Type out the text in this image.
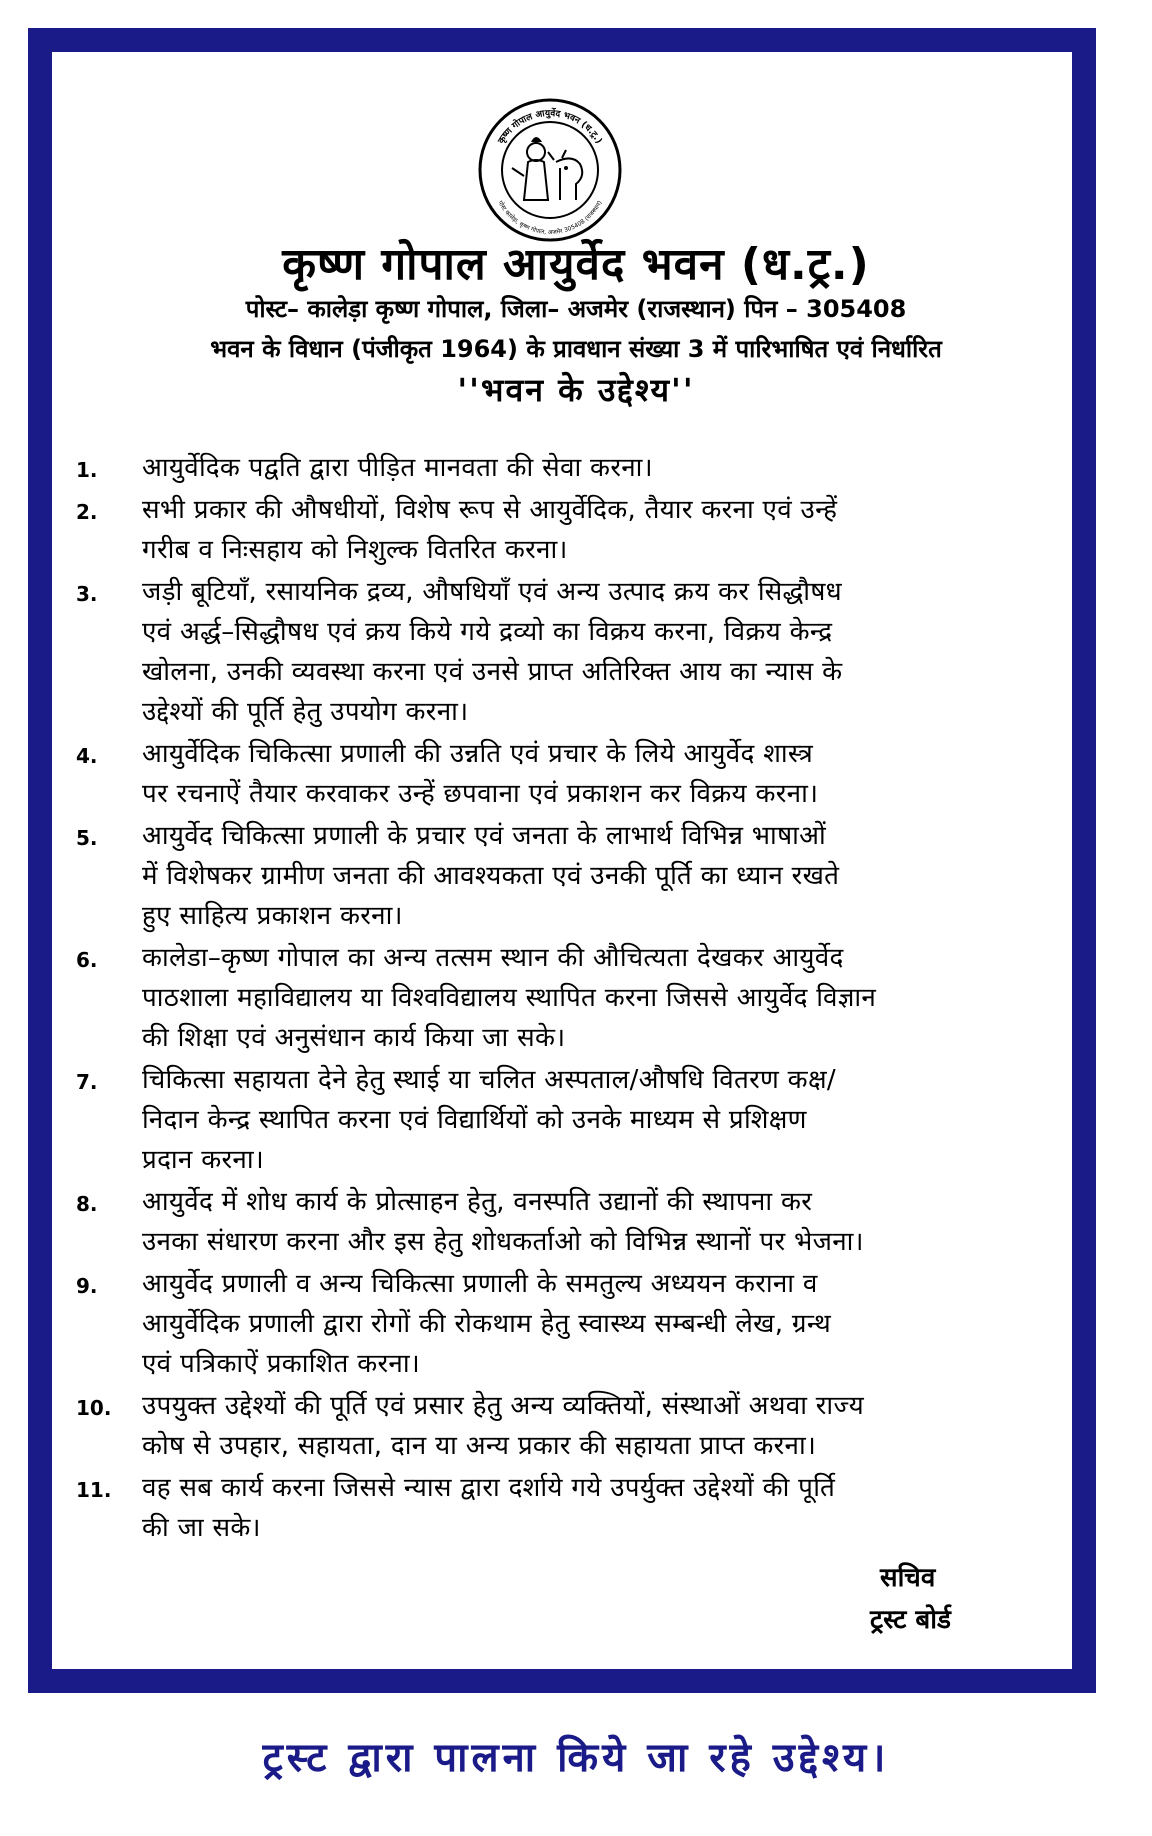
कृष्ण गोपाल आयुर्वेद भवन (ध.ट्र.)
पोस्ट कालेड़ा, कृष्ण गोपाल, अजमेर 305408 (राजस्थान)
कृष्ण गोपाल आयुर्वेद भवन (ध.ट्र.)
पोस्ट– कालेड़ा कृष्ण गोपाल, जिला– अजमेर (राजस्थान) पिन – 305408
भवन के विधान (पंजीकृत 1964) के प्रावधान संख्या 3 में पारिभाषित एवं निर्धारित
''भवन के उद्देश्य''
1.	आयुर्वेदिक पद्वति द्वारा पीड़ित मानवता की सेवा करना।
2.	सभी प्रकार की औषधीयों, विशेष रूप से आयुर्वेदिक, तैयार करना एवं उन्हें
गरीब व निःसहाय को निशुल्क वितरित करना।
3.	जड़ी बूटियाँ, रसायनिक द्रव्य, औषधियाँ एवं अन्य उत्पाद क्रय कर सिद्धौषध
एवं अर्द्ध–सिद्धौषध एवं क्रय किये गये द्रव्यो का विक्रय करना, विक्रय केन्द्र
खोलना, उनकी व्यवस्था करना एवं उनसे प्राप्त अतिरिक्त आय का न्यास के
उद्देश्यों की पूर्ति हेतु उपयोग करना।
4.	आयुर्वेदिक चिकित्सा प्रणाली की उन्नति एवं प्रचार के लिये आयुर्वेद शास्त्र
पर रचनाऐं तैयार करवाकर उन्हें छपवाना एवं प्रकाशन कर विक्रय करना।
5.	आयुर्वेद चिकित्सा प्रणाली के प्रचार एवं जनता के लाभार्थ विभिन्न भाषाओं
में विशेषकर ग्रामीण जनता की आवश्यकता एवं उनकी पूर्ति का ध्यान रखते
हुए साहित्य प्रकाशन करना।
6.	कालेडा–कृष्ण गोपाल का अन्य तत्सम स्थान की औचित्यता देखकर आयुर्वेद
पाठशाला महाविद्यालय या विश्वविद्यालय स्थापित करना जिससे आयुर्वेद विज्ञान
की शिक्षा एवं अनुसंधान कार्य किया जा सके।
7.	चिकित्सा सहायता देने हेतु स्थाई या चलित अस्पताल/औषधि वितरण कक्ष/
निदान केन्द्र स्थापित करना एवं विद्यार्थियों को उनके माध्यम से प्रशिक्षण
प्रदान करना।
8.	आयुर्वेद में शोध कार्य के प्रोत्साहन हेतु, वनस्पति उद्यानों की स्थापना कर
उनका संधारण करना और इस हेतु शोधकर्ताओ को विभिन्न स्थानों पर भेजना।
9.	आयुर्वेद प्रणाली व अन्य चिकित्सा प्रणाली के समतुल्य अध्ययन कराना व
आयुर्वेदिक प्रणाली द्वारा रोगों की रोकथाम हेतु स्वास्थ्य सम्बन्धी लेख, ग्रन्थ
एवं पत्रिकाऐं प्रकाशित करना।
10.	उपयुक्त उद्देश्यों की पूर्ति एवं प्रसार हेतु अन्य व्यक्तियों, संस्थाओं अथवा राज्य
कोष से उपहार, सहायता, दान या अन्य प्रकार की सहायता प्राप्त करना।
11.	वह सब कार्य करना जिससे न्यास द्वारा दर्शाये गये उपर्युक्त उद्देश्यों की पूर्ति
की जा सके।
सचिव
ट्रस्ट बोर्ड
ट्रस्ट द्वारा पालना किये जा रहे उद्देश्य।
